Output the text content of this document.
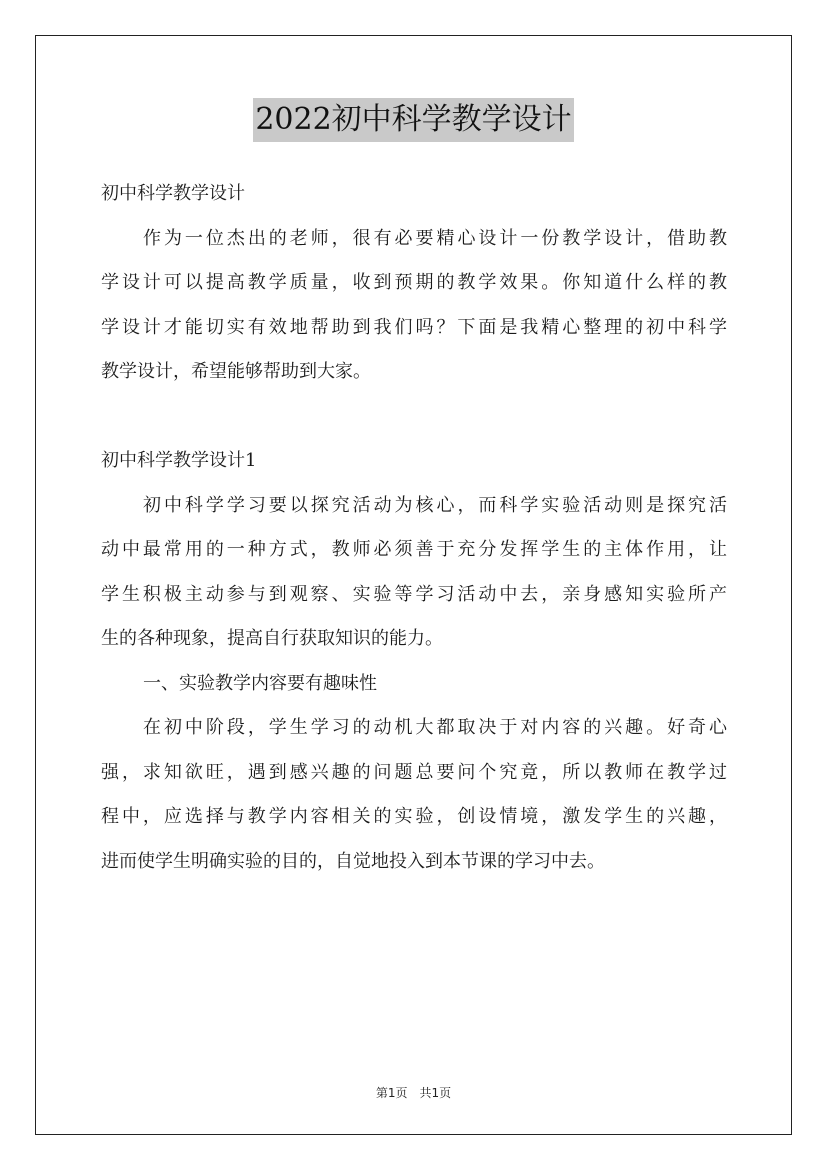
2022初中科学教学设计
初中科学教学设计
作为一位杰出的老师，很有必要精心设计一份教学设计，借助教
学设计可以提高教学质量，收到预期的教学效果。你知道什么样的教
学设计才能切实有效地帮助到我们吗？下面是我精心整理的初中科学
教学设计，希望能够帮助到大家。
初中科学教学设计1
初中科学学习要以探究活动为核心，而科学实验活动则是探究活
动中最常用的一种方式，教师必须善于充分发挥学生的主体作用，让
学生积极主动参与到观察、实验等学习活动中去，亲身感知实验所产
生的各种现象，提高自行获取知识的能力。
一、实验教学内容要有趣味性
在初中阶段，学生学习的动机大都取决于对内容的兴趣。好奇心
强，求知欲旺，遇到感兴趣的问题总要问个究竟，所以教师在教学过
程中，应选择与教学内容相关的实验，创设情境，激发学生的兴趣，
进而使学生明确实验的目的，自觉地投入到本节课的学习中去。
第1页　共1页
